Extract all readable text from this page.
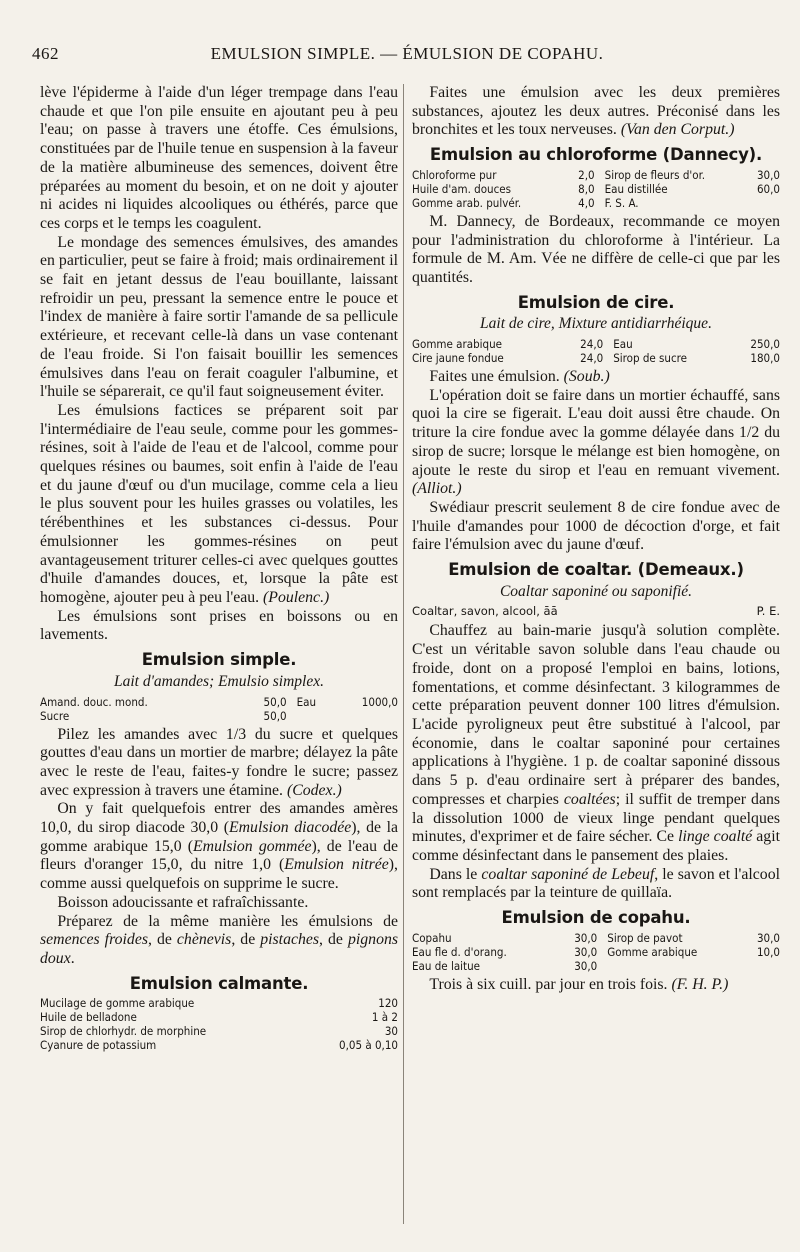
462	EMULSION SIMPLE. — ÉMULSION DE COPAHU.

lève l'épiderme à l'aide d'un léger trempage dans l'eau chaude et que l'on pile ensuite en ajoutant peu à peu l'eau; on passe à travers une étoffe. Ces émulsions, constituées par de l'huile tenue en suspension à la faveur de la matière albumineuse des semences, doivent être préparées au moment du besoin, et on ne doit y ajouter ni acides ni liquides alcooliques ou éthérés, parce que ces corps et le temps les coagulent.

Le mondage des semences émulsives, des amandes en particulier, peut se faire à froid; mais ordinairement il se fait en jetant dessus de l'eau bouillante, laissant refroidir un peu, pressant la semence entre le pouce et l'index de manière à faire sortir l'amande de sa pellicule extérieure, et recevant celle-là dans un vase contenant de l'eau froide. Si l'on faisait bouillir les semences émulsives dans l'eau on ferait coaguler l'albumine, et l'huile se séparerait, ce qu'il faut soigneusement éviter.

Les émulsions factices se préparent soit par l'intermédiaire de l'eau seule, comme pour les gommes-résines, soit à l'aide de l'eau et de l'alcool, comme pour quelques résines ou baumes, soit enfin à l'aide de l'eau et du jaune d'œuf ou d'un mucilage, comme cela a lieu le plus souvent pour les huiles grasses ou volatiles, les térébenthines et les substances ci-dessus. Pour émulsionner les gommes-résines on peut avantageusement triturer celles-ci avec quelques gouttes d'huile d'amandes douces, et, lorsque la pâte est homogène, ajouter peu à peu l'eau. (Poulenc.)

Les émulsions sont prises en boissons ou en lavements.

Emulsion simple.
Lait d'amandes; Emulsio simplex.
Amand. douc. mond.	50,0	Eau	1000,0
Sucre	50,0		

Pilez les amandes avec 1/3 du sucre et quelques gouttes d'eau dans un mortier de marbre; délayez la pâte avec le reste de l'eau, faites-y fondre le sucre; passez avec expression à travers une étamine. (Codex.)

On y fait quelquefois entrer des amandes amères 10,0, du sirop diacode 30,0 (Emulsion diacodée), de la gomme arabique 15,0 (Emulsion gommée), de l'eau de fleurs d'oranger 15,0, du nitre 1,0 (Emulsion nitrée), comme aussi quelquefois on supprime le sucre.

Boisson adoucissante et rafraîchissante.

Préparez de la même manière les émulsions de semences froides, de chènevis, de pistaches, de pignons doux.

Emulsion calmante.
Mucilage de gomme arabique	120
Huile de belladone	1 à 2
Sirop de chlorhydr. de morphine	30
Cyanure de potassium	0,05 à 0,10

Faites une émulsion avec les deux premières substances, ajoutez les deux autres. Préconisé dans les bronchites et les toux nerveuses. (Van den Corput.)

Emulsion au chloroforme (Dannecy).
Chloroforme pur	2,0	Sirop de fleurs d'or.	30,0
Huile d'am. douces	8,0	Eau distillée	60,0
Gomme arab. pulvér.	4,0	F. S. A.	

M. Dannecy, de Bordeaux, recommande ce moyen pour l'administration du chloroforme à l'intérieur. La formule de M. Am. Vée ne diffère de celle-ci que par les quantités.

Emulsion de cire.
Lait de cire, Mixture antidiarrhéique.
Gomme arabique	24,0	Eau	250,0
Cire jaune fondue	24,0	Sirop de sucre	180,0

Faites une émulsion. (Soub.)

L'opération doit se faire dans un mortier échauffé, sans quoi la cire se figerait. L'eau doit aussi être chaude. On triture la cire fondue avec la gomme délayée dans 1/2 du sirop de sucre; lorsque le mélange est bien homogène, on ajoute le reste du sirop et l'eau en remuant vivement. (Alliot.)

Swédiaur prescrit seulement 8 de cire fondue avec de l'huile d'amandes pour 1000 de décoction d'orge, et fait faire l'émulsion avec du jaune d'œuf.

Emulsion de coaltar. (Demeaux.)
Coaltar saponiné ou saponifié.
Coaltar, savon, alcool, āā	P. E.

Chauffez au bain-marie jusqu'à solution complète. C'est un véritable savon soluble dans l'eau chaude ou froide, dont on a proposé l'emploi en bains, lotions, fomentations, et comme désinfectant. 3 kilogrammes de cette préparation peuvent donner 100 litres d'émulsion. L'acide pyroligneux peut être substitué à l'alcool, par économie, dans le coaltar saponiné pour certaines applications à l'hygiène. 1 p. de coaltar saponiné dissous dans 5 p. d'eau ordinaire sert à préparer des bandes, compresses et charpies coaltées; il suffit de tremper dans la dissolution 1000 de vieux linge pendant quelques minutes, d'exprimer et de faire sécher. Ce linge coalté agit comme désinfectant dans le pansement des plaies.

Dans le coaltar saponiné de Lebeuf, le savon et l'alcool sont remplacés par la teinture de quillaïa.

Emulsion de copahu.
Copahu	30,0	Sirop de pavot	30,0
Eau fle d. d'orang.	30,0	Gomme arabique	10,0
Eau de laitue	30,0		

Trois à six cuill. par jour en trois fois. (F. H. P.)
